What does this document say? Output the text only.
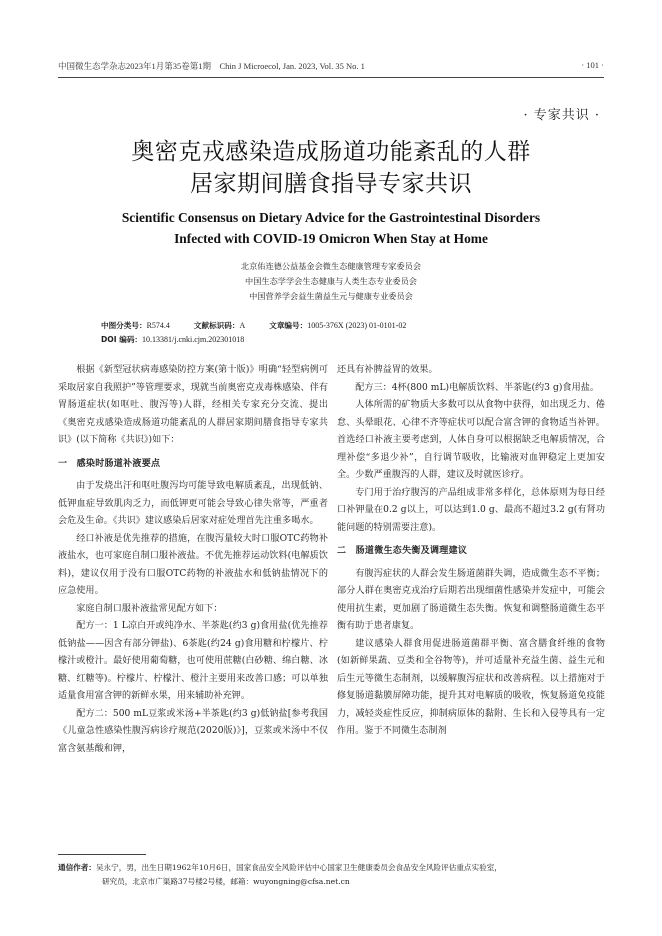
中国微生态学杂志2023年1月第35卷第1期　Chin J Microecol, Jan. 2023, Vol. 35 No. 1	· 101 ·
· 专家共识 ·
奥密克戎感染造成肠道功能紊乱的人群
居家期间膳食指导专家共识
Scientific Consensus on Dietary Advice for the Gastrointestinal Disorders
Infected with COVID-19 Omicron When Stay at Home
北京佑连德公益基金会微生态健康管理专家委员会
中国生态学学会生态健康与人类生态专业委员会
中国营养学会益生菌益生元与健康专业委员会
中图分类号：R574.4	文献标识码：A	文章编号：1005-376X (2023) 01-0101-02
DOI 编码：10.13381/j.cnki.cjm.202301018

根据《新型冠状病毒感染防控方案(第十版)》明确“轻型病例可采取居家自我照护”等管理要求，现就当前奥密克戎毒株感染、伴有胃肠道症状(如呕吐、腹泻等)人群，经相关专家充分交流、提出《奥密克戎感染造成肠道功能紊乱的人群居家期间膳食指导专家共识》(以下简称《共识》)如下：

一　感染时肠道补液要点

由于发烧出汗和呕吐腹泻均可能导致电解质紊乱，出现低钠、低钾血症导致肌肉乏力，而低钾更可能会导致心律失常等，严重者会危及生命。《共识》建议感染后居家对症处理首先注重多喝水。

经口补液是优先推荐的措施，在腹泻量较大时口服OTC药物补液盐水，也可家庭自制口服补液盐。不优先推荐运动饮料(电解质饮料)，建议仅用于没有口服OTC药物的补液盐水和低钠盐情况下的应急使用。

家庭自制口服补液盐常见配方如下：

配方一：1 L凉白开或纯净水、半茶匙(约3 g)食用盐(优先推荐低钠盐——因含有部分钾盐)、6茶匙(约24 g)食用糖和柠檬片、柠檬汁或橙汁。最好使用葡萄糖，也可使用蔗糖(白砂糖、绵白糖、冰糖、红糖等)。柠檬片、柠檬汁、橙汁主要用来改善口感；可以单独适量食用富含钾的新鲜水果，用来辅助补充钾。

配方二：500 mL豆浆或米汤+半茶匙(约3 g)低钠盐[参考我国《儿童急性感染性腹泻病诊疗规范(2020版)》]，豆浆或米汤中不仅富含氨基酸和钾，

还具有补脾益胃的效果。

配方三：4杯(800 mL)电解质饮料、半茶匙(约3 g)食用盐。

人体所需的矿物质大多数可以从食物中获得，如出现乏力、倦怠、头晕眼花、心律不齐等症状可以配合富含钾的食物适当补钾。首选经口补液主要考虑到，人体自身可以根据缺乏电解质情况，合理补偿“多退少补”，自行调节吸收，比输液对血钾稳定上更加安全。少数严重腹泻的人群，建议及时就医诊疗。

专门用于治疗腹泻的产品组成非常多样化，总体原则为每日经口补钾量在0.2 g以上，可以达到1.0 g、最高不超过3.2 g(有肾功能问题的特别需要注意)。

二　肠道微生态失衡及调理建议

有腹泻症状的人群会发生肠道菌群失调，造成微生态不平衡；部分人群在奥密克戎治疗后期若出现细菌性感染并发症中，可能会使用抗生素，更加剧了肠道微生态失衡。恢复和调整肠道微生态平衡有助于患者康复。

建议感染人群食用促进肠道菌群平衡、富含膳食纤维的食物(如新鲜果蔬、豆类和全谷物等)，并可适量补充益生菌、益生元和后生元等微生态制剂，以缓解腹泻症状和改善病程。以上措施对于修复肠道黏膜屏障功能，提升其对电解质的吸收，恢复肠道免疫能力，减轻炎症性反应，抑制病原体的黏附、生长和入侵等具有一定作用。鉴于不同微生态制剂

通信作者：吴永宁，男，出生日期1962年10月6日，国家食品安全风险评估中心国家卫生健康委员会食品安全风险评估重点实验室，
研究员，北京市广渠路37号楼2号楼，邮箱：wuyongning@cfsa.net.cn
